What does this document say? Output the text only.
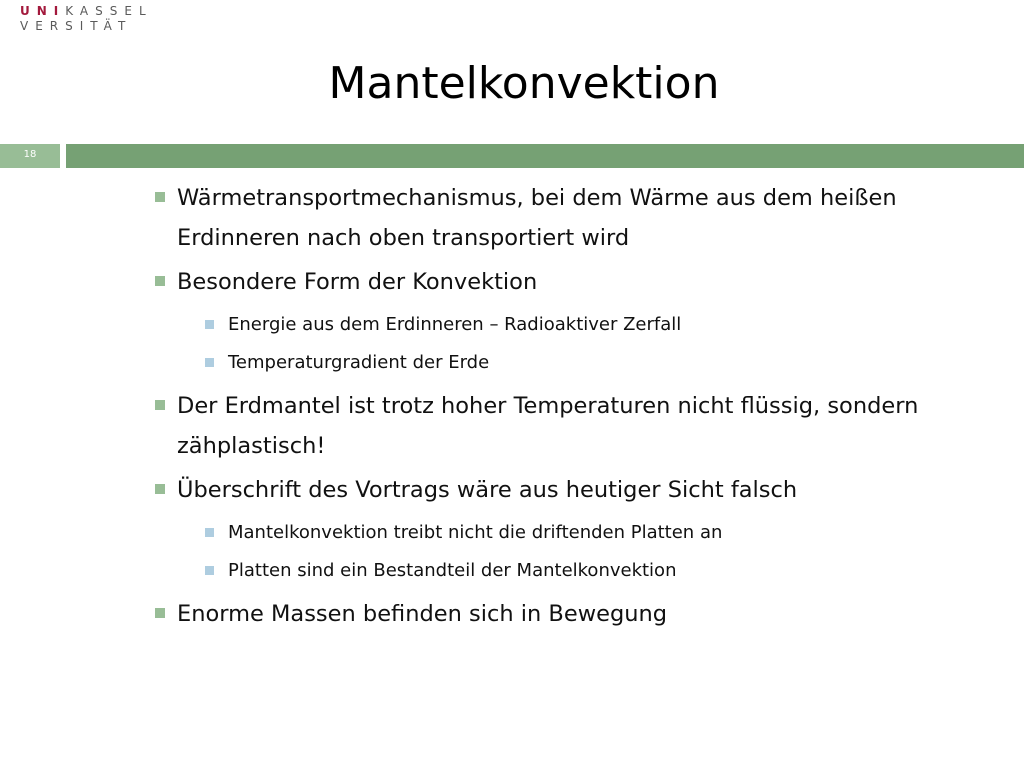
UNIKASSEL
VERSITÄT
Mantelkonvektion
18
Wärmetransportmechanismus, bei dem Wärme aus dem heißen Erdinneren nach oben transportiert wird
Besondere Form der Konvektion
Energie aus dem Erdinneren – Radioaktiver Zerfall
Temperaturgradient der Erde
Der Erdmantel ist trotz hoher Temperaturen nicht flüssig, sondern zähplastisch!
Überschrift des Vortrags wäre aus heutiger Sicht falsch
Mantelkonvektion treibt nicht die driftenden Platten an
Platten sind ein Bestandteil der Mantelkonvektion
Enorme Massen befinden sich in Bewegung
